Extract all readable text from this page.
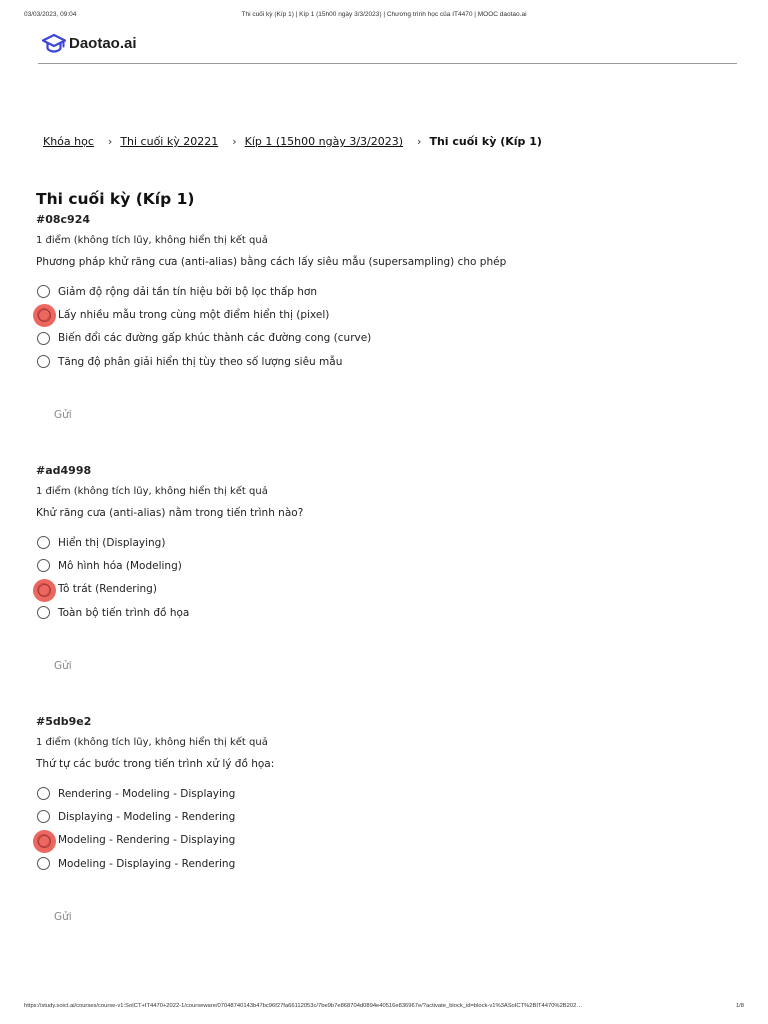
03/03/2023, 09:04	Thi cuối kỳ (Kíp 1) | Kíp 1 (15h00 ngày 3/3/2023) | Chương trình học của IT4470 | MOOC daotao.ai
Daotao.ai
Khóa học › Thi cuối kỳ 20221 › Kíp 1 (15h00 ngày 3/3/2023) › Thi cuối kỳ (Kíp 1)
Thi cuối kỳ (Kíp 1)
#08c924
1 điểm (không tích lũy, không hiển thị kết quả
Phương pháp khử răng cưa (anti-alias) bằng cách lấy siêu mẫu (supersampling) cho phép
Giảm độ rộng dải tần tín hiệu bởi bộ lọc thấp hơn
Lấy nhiều mẫu trong cùng một điểm hiển thị (pixel)
Biến đổi các đường gấp khúc thành các đường cong (curve)
Tăng độ phân giải hiển thị tùy theo số lượng siêu mẫu
Gửi
#ad4998
1 điểm (không tích lũy, không hiển thị kết quả
Khử răng cưa (anti-alias) nằm trong tiến trình nào?
Hiển thị (Displaying)
Mô hình hóa (Modeling)
Tô trát (Rendering)
Toàn bộ tiến trình đồ họa
Gửi
#5db9e2
1 điểm (không tích lũy, không hiển thị kết quả
Thứ tự các bước trong tiến trình xử lý đồ họa:
Rendering - Modeling - Displaying
Displaying - Modeling - Rendering
Modeling - Rendering - Displaying
Modeling - Displaying - Rendering
Gửi
https://study.soict.ai/courses/course-v1:SoICT+IT4470+2022-1/courseware/07048740143b47bc96f27fa66112053c/7be9b7e868704d0894e40516e836967e/?activate_block_id=block-v1%3ASoICT%2BIT4470%2B202…	1/8
